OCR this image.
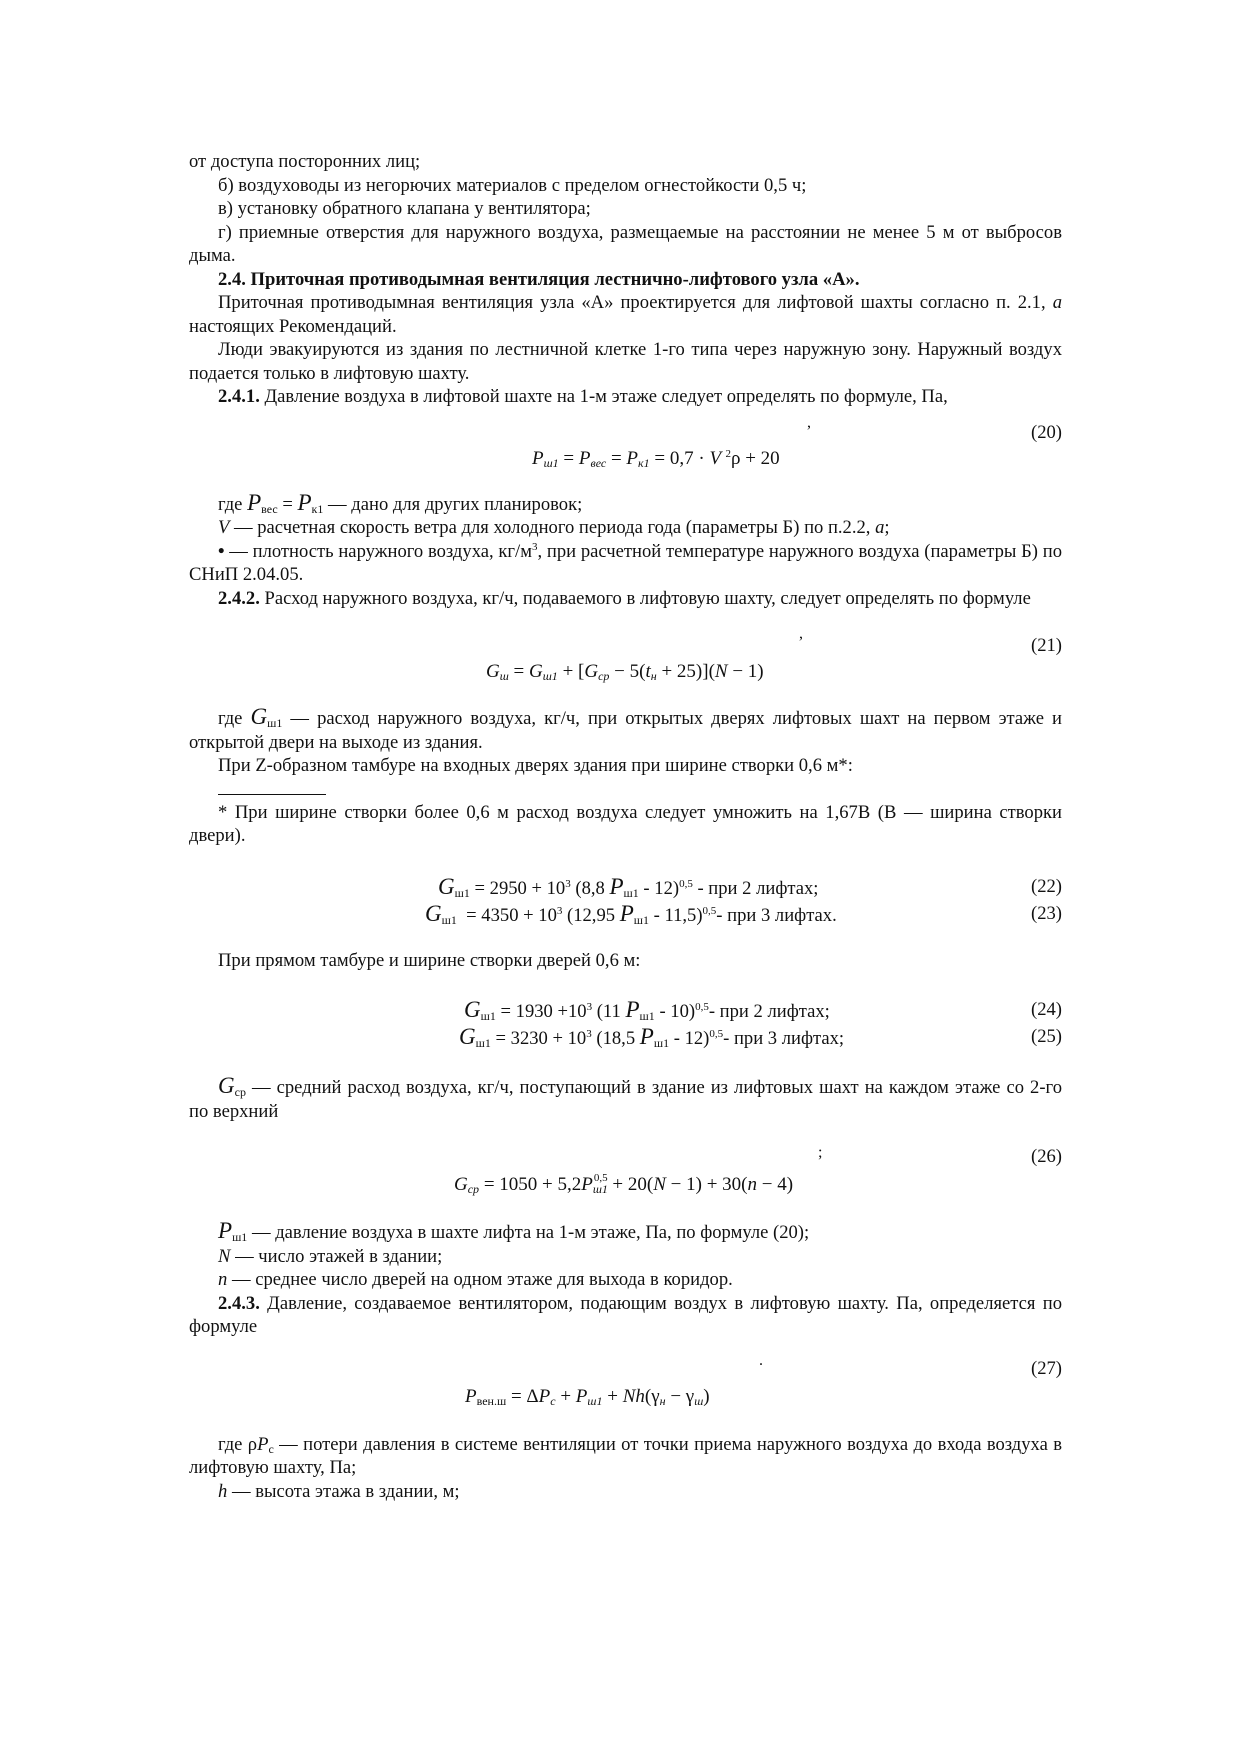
от доступа посторонних лиц;

б) воздуховоды из негорючих материалов с пределом огнестойкости 0,5 ч;

в) установку обратного клапана у вентилятора;

г) приемные отверстия для наружного воздуха, размещаемые на расстоянии не менее 5 м от выбросов дыма.

2.4. Приточная противодымная вентиляция лестнично-лифтового узла «А».

Приточная противодымная вентиляция узла «А» проектируется для лифтовой шахты согласно п. 2.1, а настоящих Рекомендаций.

Люди эвакуируются из здания по лестничной клетке 1-го типа через наружную зону. Наружный воздух подается только в лифтовую шахту.

2.4.1. Давление воздуха в лифтовой шахте на 1-м этаже следует определять по формуле, Па,

,	(20)
$P_{ш1} = P_{вес} = P_{к1} = 0,7 \cdot V$ $^2$ρ + 20

где $P_{вес} = P_{к1}$ — дано для других планировок;

V — расчетная скорость ветра для холодного периода года (параметры Б) по п.2.2, а;

• — плотность наружного воздуха, $кг/м^3$, при расчетной температуре наружного воздуха (параметры Б) по СНиП 2.04.05.

2.4.2. Расход наружного воздуха, кг/ч, подаваемого в лифтовую шахту, следует определять по формуле

,
(21)
$G_ш = G_{ш1} + [G_{ср} - 5(t_н + 25)](N - 1)$

где $G_{ш1}$ — расход наружного воздуха, кг/ч, при открытых дверях лифтовых шахт на первом этаже и открытой двери на выходе из здания.

При Z-образном тамбуре на входных дверях здания при ширине створки 0,6 м*:

* При ширине створки более 0,6 м расход воздуха следует умножить на 1,67В (В — ширина створки двери).

$G_{ш1} = 2950 + 10^3$ (8,8 $P_{ш1} - 12)^{0,5}$ - при 2 лифтах;	(22)
$G_{ш1} = 4350 + 10^3$ (12,95 $P_{ш1} - 11,5)^{0,5}-$ при 3 лифтах.	(23)

При прямом тамбуре и ширине створки дверей 0,6 м:

$G_{ш1} = 1930 +10^3$ (11 $P_{ш1} - 10)^{0,5}-$ при 2 лифтах;	(24)
$G_{ш1} = 3230 + 10^3$ (18,5 $P_{ш1} - 12)^{0,5}-$ при 3 лифтах;	(25)

$G_{ср}$ — средний расход воздуха, кг/ч, поступающий в здание из лифтовых шахт на каждом этаже со 2-го по верхний

;	(26)
$G_{ср} = 1050 + 5,2P_{ш1}^{0,5} + 20(N - 1) + 30(n - 4)$

$P_{ш1}$ — давление воздуха в шахте лифта на 1-м этаже, Па, по формуле (20);

N — число этажей в здании;

n — среднее число дверей на одном этаже для выхода в коридор.

2.4.3. Давление, создаваемое вентилятором, подающим воздух в лифтовую шахту. Па, определяется по формуле

.	(27)
$P_{вен.ш} = \Delta P_c + P_{ш1} + Nh(\gamma_н - \gamma_ш)$

где $\rho P_с$ — потери давления в системе вентиляции от точки приема наружного воздуха до входа воздуха в лифтовую шахту, Па;

h — высота этажа в здании, м;
